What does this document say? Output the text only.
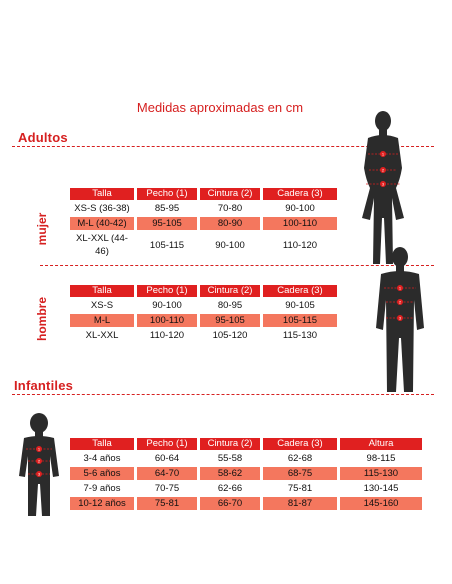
Medidas aproximadas en cm
Adultos
1
2
3
mujer
Talla	Pecho (1)	Cintura (2)	Cadera (3)
XS-S (36-38)	85-95	70-80	90-100
M-L (40-42)	95-105	80-90	100-110
XL-XXL (44-46)	105-115	90-100	110-120
1
2
3
hombre
Talla	Pecho (1)	Cintura (2)	Cadera (3)
XS-S	90-100	80-95	90-105
M-L	100-110	95-105	105-115
XL-XXL	110-120	105-120	115-130
Infantiles
1
2
3
Talla	Pecho (1)	Cintura (2)	Cadera (3)	Altura
3-4 años	60-64	55-58	62-68	98-115
5-6 años	64-70	58-62	68-75	115-130
7-9 años	70-75	62-66	75-81	130-145
10-12 años	75-81	66-70	81-87	145-160
